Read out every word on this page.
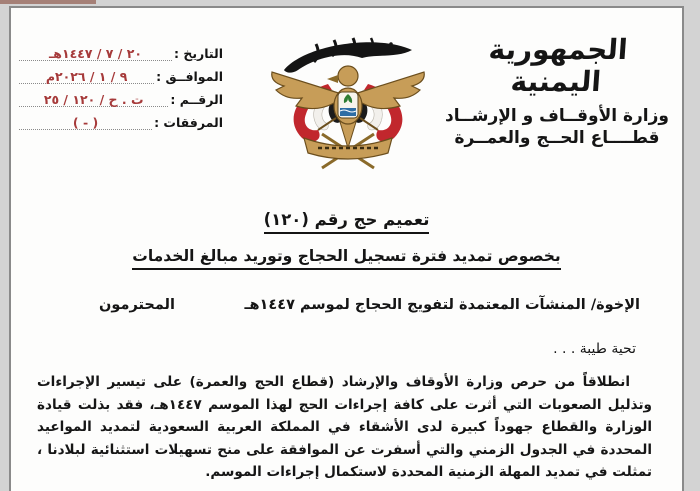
التاريخ :
٢٠ / ٧ / ١٤٤٧هـ
الموافــق :
٩ / ١ / ٢٠٢٦م
الرقــم :
ت . ح / ١٢٠ / ٢٥
المرفقات :
( - )
الجمهورية اليمنية
وزارة الأوقــاف و الإرشــاد
قطــــاع الحــج والعمــرة
تعميم حج رقم (١٢٠)
بخصوص تمديد فترة تسجيل الحجاج وتوريد مبالغ الخدمات
الإخوة/ المنشآت المعتمدة لتفويج الحجاج لموسم ١٤٤٧هـ
المحترمون
تحية طيبة . . .
انطلاقاً من حرص وزارة الأوقاف والإرشاد (قطاع الحج والعمرة) على تيسير الإجراءات وتذليل الصعوبات التي أثرت على كافة إجراءات الحج لهذا الموسم ١٤٤٧هـ، فقد بذلت قيادة الوزارة والقطاع جهوداً كبيرة لدى الأشقاء في المملكة العربية السعودية لتمديد المواعيد المحددة في الجدول الزمني والتي أسفرت عن الموافقة على منح تسهيلات استثنائية لبلادنا ، تمثلت في تمديد المهلة الزمنية المحددة لاستكمال إجراءات الموسم.
